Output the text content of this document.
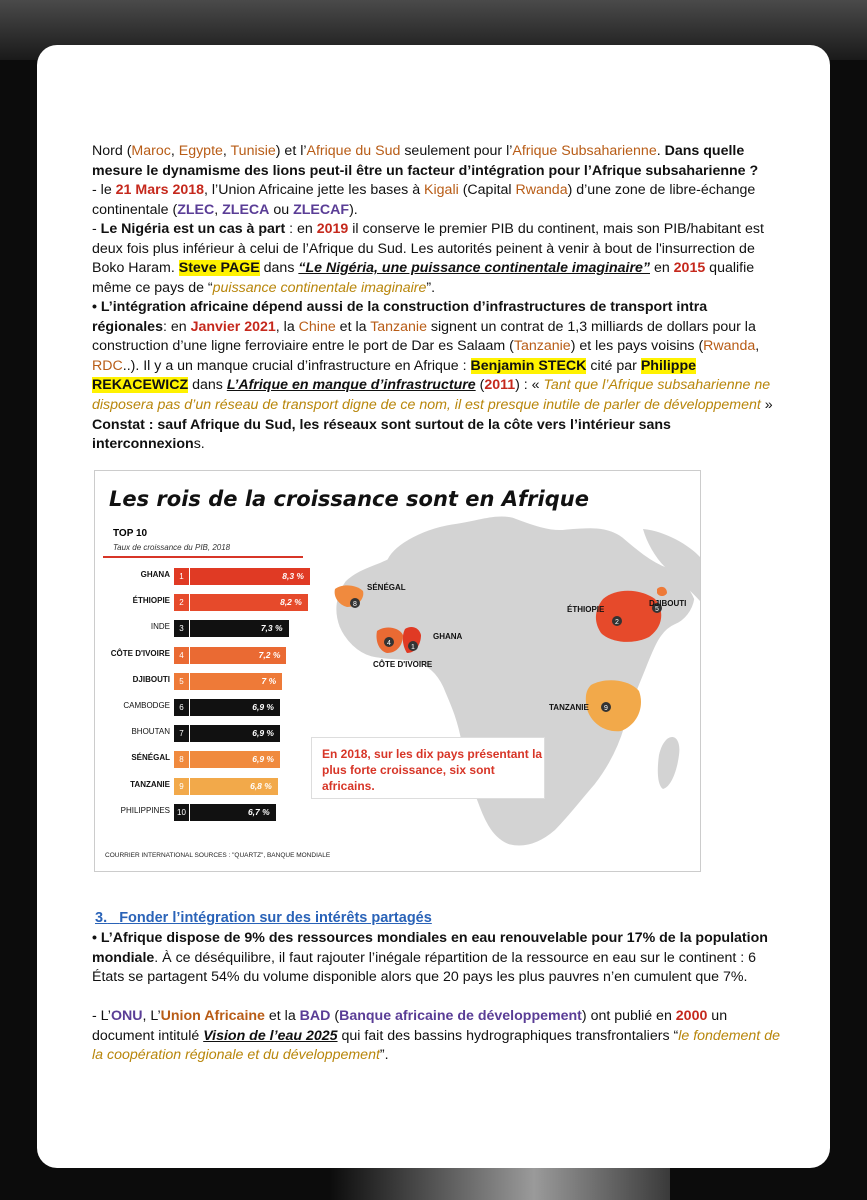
Nord (Maroc, Egypte, Tunisie) et l’Afrique du Sud seulement pour l’Afrique Subsaharienne. Dans quelle mesure le dynamisme des lions peut-il être un facteur d’intégration pour l’Afrique subsaharienne ?
- le 21 Mars 2018, l’Union Africaine jette les bases à Kigali (Capital Rwanda) d’une zone de libre-échange continentale (ZLEC, ZLECA ou ZLECAF).
- Le Nigéria est un cas à part : en 2019 il conserve le premier PIB du continent, mais son PIB/habitant est deux fois plus inférieur à celui de l’Afrique du Sud. Les autorités peinent à venir à bout de l'insurrection de Boko Haram. Steve PAGE dans “Le Nigéria, une puissance continentale imaginaire” en 2015 qualifie même ce pays de “puissance continentale imaginaire”.
• L’intégration africaine dépend aussi de la construction d’infrastructures de transport intra régionales: en Janvier 2021, la Chine et la Tanzanie signent un contrat de 1,3 milliards de dollars pour la construction d’une ligne ferroviaire entre le port de Dar es Salaam (Tanzanie) et les pays voisins (Rwanda, RDC..). Il y a un manque crucial d’infrastructure en Afrique : Benjamin STECK cité par Philippe REKACEWICZ dans L’Afrique en manque d’infrastructure (2011) : « Tant que l’Afrique subsaharienne ne disposera pas d’un réseau de transport digne de ce nom, il est presque inutile de parler de développement » Constat : sauf Afrique du Sud, les réseaux sont surtout de la côte vers l’intérieur sans interconnexions.
8
4
1
2
5
9
Les rois de la croissance sont en Afrique
TOP 10
Taux de croissance du PIB, 2018
GHANA	1	8,3 %
ÉTHIOPIE	2	8,2 %
INDE	3	7,3 %
CÔTE D'IVOIRE	4	7,2 %
DJIBOUTI	5	7 %
CAMBODGE	6	6,9 %
BHOUTAN	7	6,9 %
SÉNÉGAL	8	6,9 %
TANZANIE	9	6,8 %
PHILIPPINES 10	6,7 %
SÉNÉGAL
GHANA
CÔTE D'IVOIRE
ÉTHIOPIE
DJIBOUTI
TANZANIE
En 2018, sur les dix pays présentant la plus forte croissance, six sont africains.
COURRIER INTERNATIONAL SOURCES : "QUARTZ", BANQUE MONDIALE
3. Fonder l’intégration sur des intérêts partagés
• L’Afrique dispose de 9% des ressources mondiales en eau renouvelable pour 17% de la population mondiale. À ce déséquilibre, il faut rajouter l’inégale répartition de la ressource en eau sur le continent : 6 États se partagent 54% du volume disponible alors que 20 pays les plus pauvres n’en cumulent que 7%.
- L’ONU, L’Union Africaine et la BAD (Banque africaine de développement) ont publié en 2000 un document intitulé Vision de l’eau 2025 qui fait des bassins hydrographiques transfrontaliers “le fondement de la coopération régionale et du développement”.
